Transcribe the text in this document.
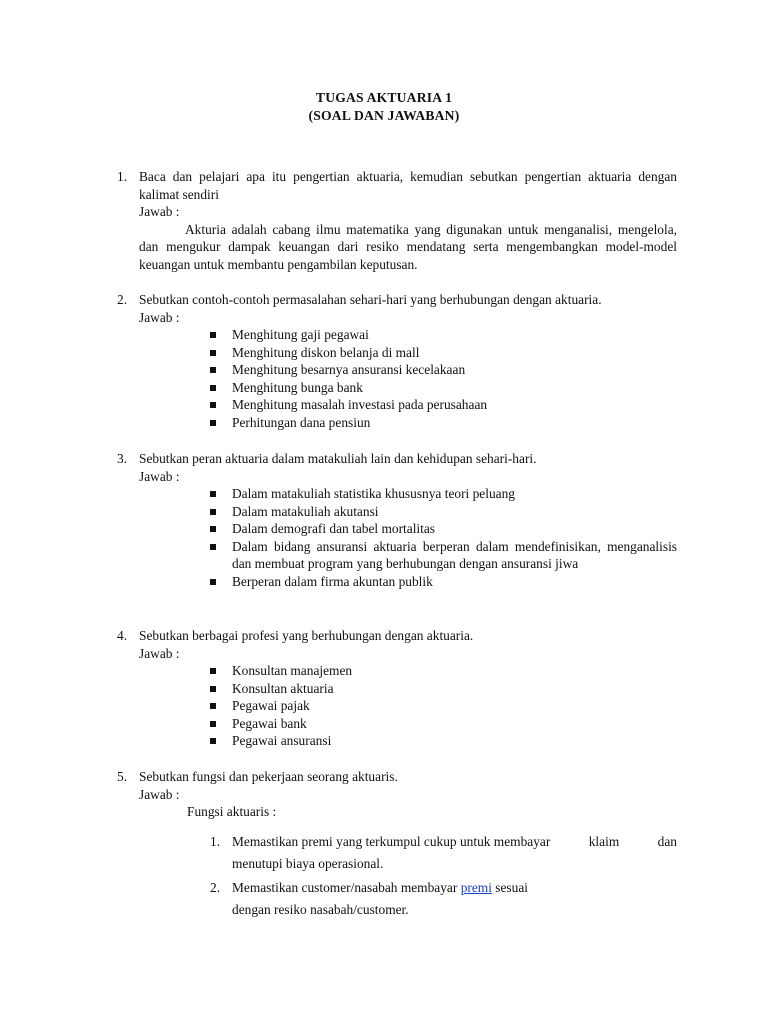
TUGAS AKTUARIA 1
(SOAL DAN JAWABAN)
1. Baca dan pelajari apa itu pengertian aktuaria, kemudian sebutkan pengertian aktuaria dengan kalimat sendiri
Jawab :
Akturia adalah cabang ilmu matematika yang digunakan untuk menganalisi, mengelola, dan mengukur dampak keuangan dari resiko mendatang serta mengembangkan model-model keuangan untuk membantu pengambilan keputusan.
2. Sebutkan contoh-contoh permasalahan sehari-hari yang berhubungan dengan aktuaria.
Jawab :
Menghitung gaji pegawai
Menghitung diskon belanja di mall
Menghitung besarnya ansuransi kecelakaan
Menghitung bunga bank
Menghitung masalah investasi pada perusahaan
Perhitungan dana pensiun
3. Sebutkan peran aktuaria dalam matakuliah lain dan kehidupan sehari-hari.
Jawab :
Dalam matakuliah statistika khususnya teori peluang
Dalam matakuliah akutansi
Dalam demografi dan tabel mortalitas
Dalam bidang ansuransi aktuaria berperan dalam mendefinisikan, menganalisis dan membuat program yang berhubungan dengan ansuransi jiwa
Berperan dalam firma akuntan publik
4. Sebutkan berbagai profesi yang berhubungan dengan aktuaria.
Jawab :
Konsultan manajemen
Konsultan aktuaria
Pegawai pajak
Pegawai bank
Pegawai ansuransi
5. Sebutkan fungsi dan pekerjaan seorang aktuaris.
Jawab :
Fungsi aktuaris :
1. Memastikan premi yang terkumpul cukup untuk membayar	klaim	dan
menutupi biaya operasional.
2. Memastikan customer/nasabah membayar premi sesuai
dengan resiko nasabah/customer.
